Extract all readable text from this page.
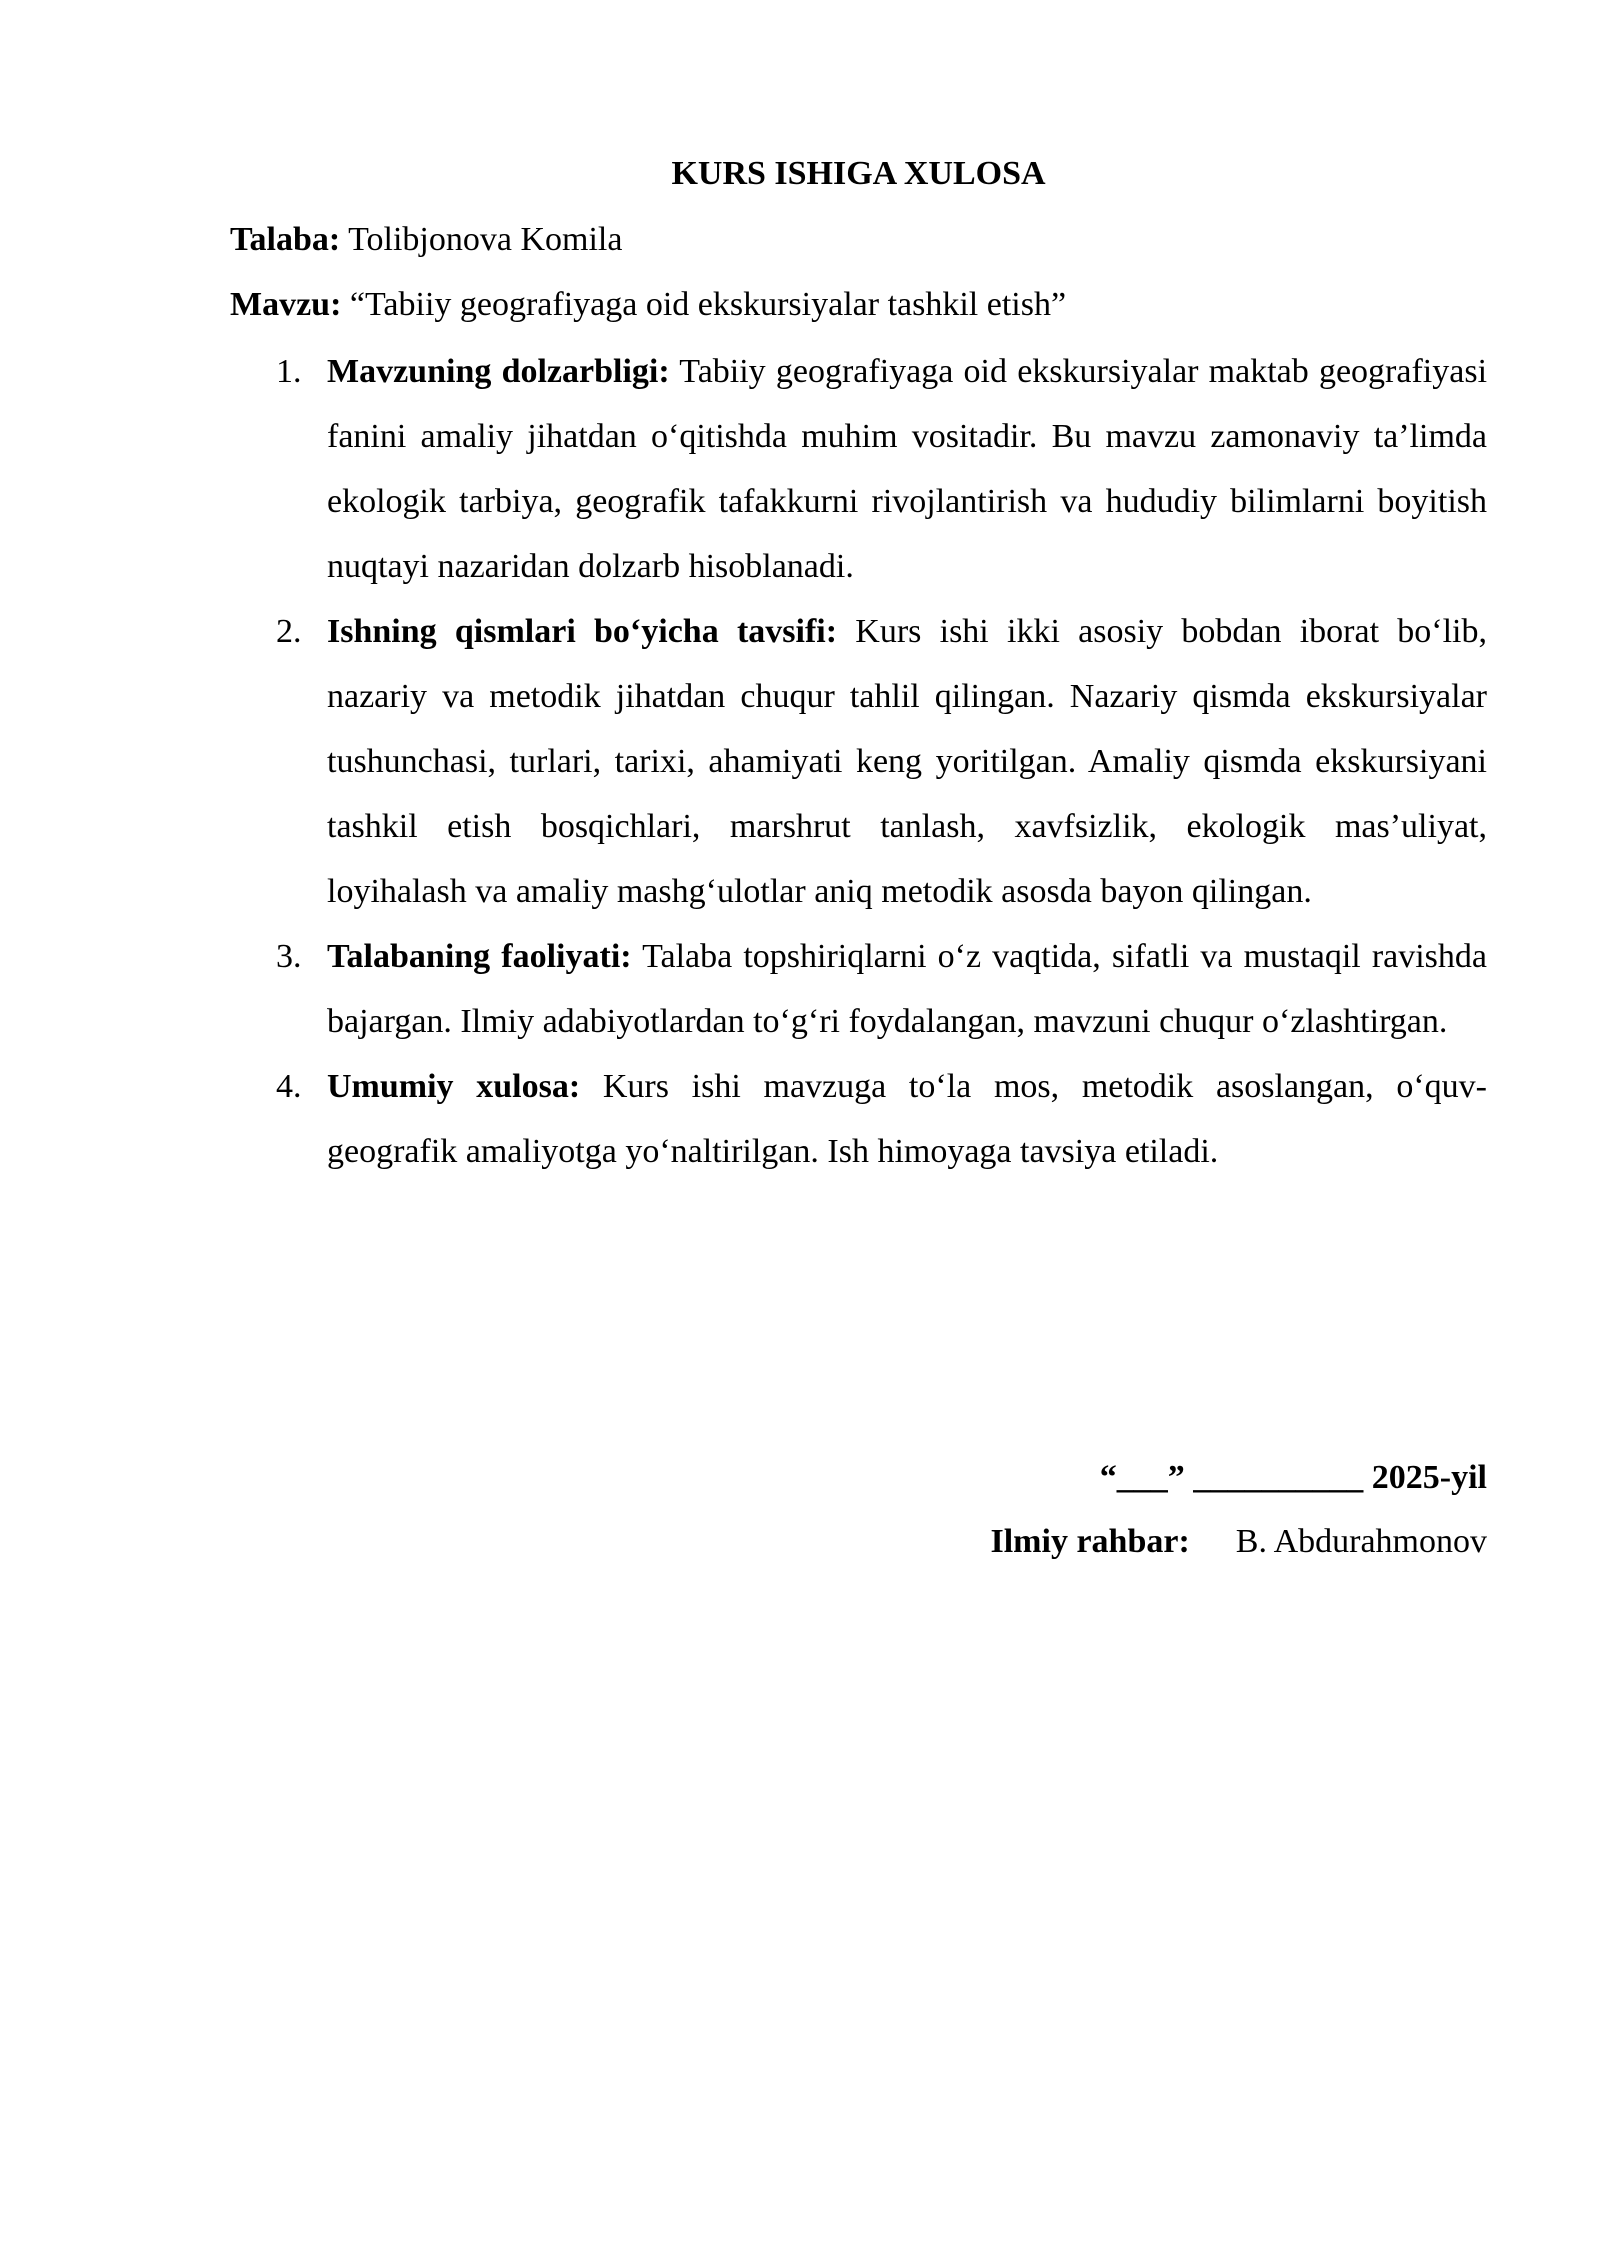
KURS ISHIGA XULOSA

Talaba: Tolibjonova Komila

Mavzu: “Tabiiy geografiyaga oid ekskursiyalar tashkil etish”

1. Mavzuning dolzarbligi: Tabiiy geografiyaga oid ekskursiyalar maktab geografiyasi fanini amaliy jihatdan o‘qitishda muhim vositadir. Bu mavzu zamonaviy ta’limda ekologik tarbiya, geografik tafakkurni rivojlantirish va hududiy bilimlarni boyitish nuqtayi nazaridan dolzarb hisoblanadi.
2. Ishning qismlari bo‘yicha tavsifi: Kurs ishi ikki asosiy bobdan iborat bo‘lib, nazariy va metodik jihatdan chuqur tahlil qilingan. Nazariy qismda ekskursiyalar tushunchasi, turlari, tarixi, ahamiyati keng yoritilgan. Amaliy qismda ekskursiyani tashkil etish bosqichlari, marshrut tanlash, xavfsizlik, ekologik mas’uliyat, loyihalash va amaliy mashg‘ulotlar aniq metodik asosda bayon qilingan.
3. Talabaning faoliyati: Talaba topshiriqlarni o‘z vaqtida, sifatli va mustaqil ravishda bajargan. Ilmiy adabiyotlardan to‘g‘ri foydalangan, mavzuni chuqur o‘zlashtirgan.
4. Umumiy xulosa: Kurs ishi mavzuga to‘la mos, metodik asoslangan, o‘quv-geografik amaliyotga yo‘naltirilgan. Ish himoyaga tavsiya etiladi.
“___” __________ 2025-yil
Ilmiy rahbar: B. Abdurahmonov
